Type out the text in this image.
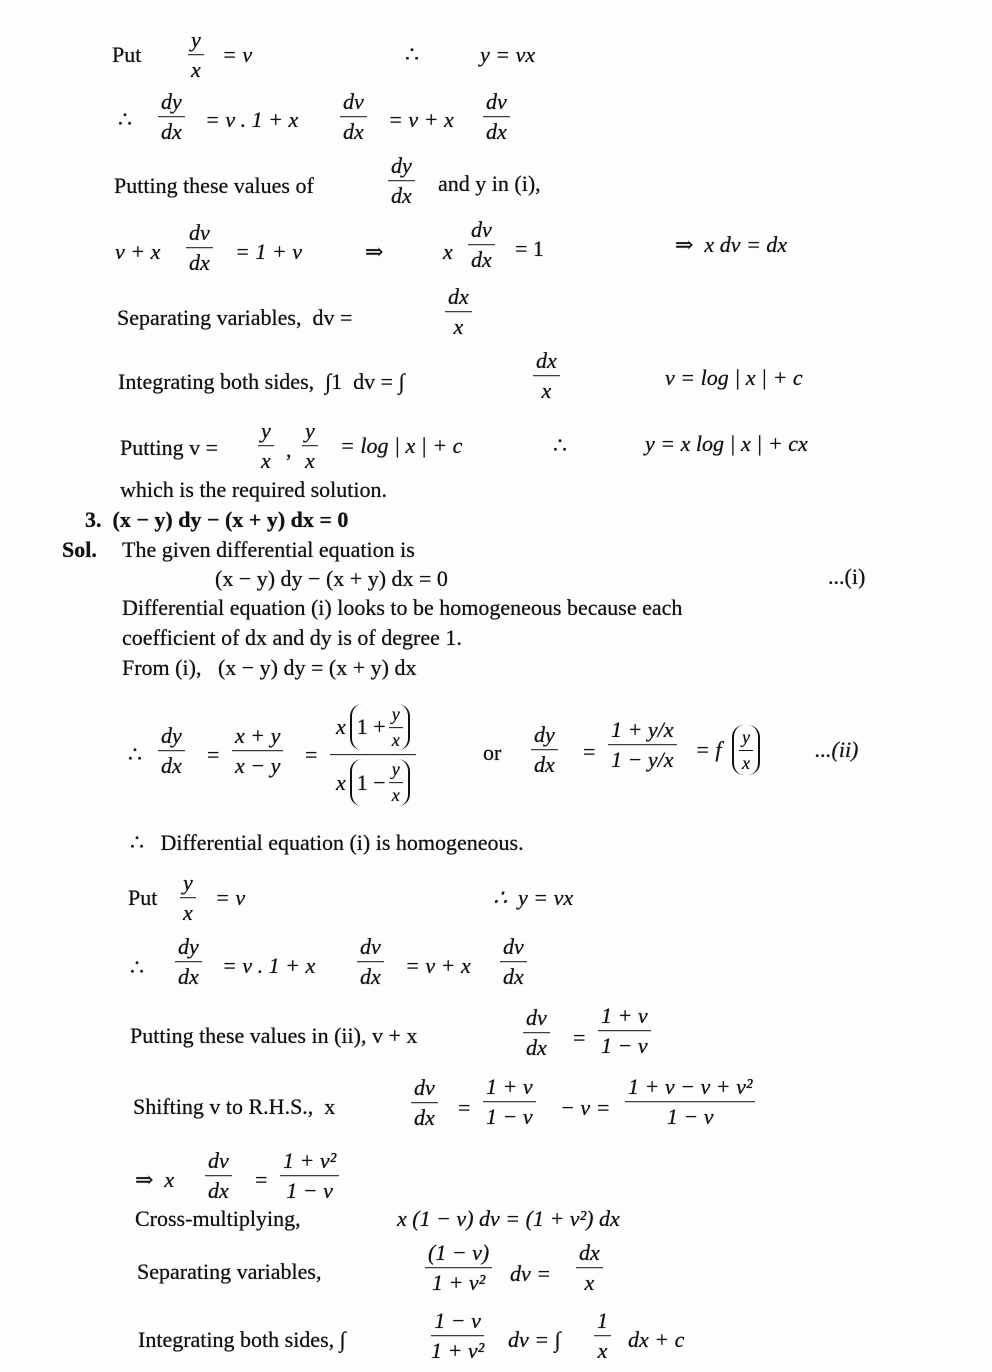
Put
y
x
= v	∴	y = vx
∴
dy
dx = v . 1 + x
dv
dx = v + x
dv
dx
Putting these values of
dy
dx and y in (i),
v + x
dv
dx = 1 + v	⇒	x
dv
dx = 1	⇒  x dv = dx
Separating variables,  dv =
dx
x
Integrating both sides,  ∫1  dv = ∫
dx
x
v = log | x | + c
Putting v =
y
x ,
y
x
= log | x | + c	∴	y = x log | x | + cx
which is the required solution.
3.  (x − y) dy − (x + y) dx = 0
Sol. The given differential equation is
(x − y) dy − (x + y) dx = 0	...(i)
Differential equation (i) looks to be homogeneous because each
coefficient of dx and dy is of degree 1.
From (i),   (x − y) dy = (x + y) dx
∴
dy
dx =
x + y
x − y =
x $1 + \frac{y}{x}$
x $1 - \frac{y}{x}$
or
dy
dx
=
1 + y/x
1 − y/x = f
y
x
...(ii)
∴   Differential equation (i) is homogeneous.
Put
y
x
= v	∴  y = vx
∴
dy
dx = v . 1 + x
dv
dx = v + x
dv
dx
Putting these values in (ii), v + x
dv
dx =
1 + v
1 − v
Shifting v to R.H.S.,  x
dv
dx =
1 + v
1 − v − v =
1 + v − v + v²
1 − v
⇒  x
dv
dx =
1 + v²
1 − v
Cross-multiplying,	x (1 − v) dv = (1 + v²) dx
Separating variables,
(1 − v)
1 + v² dv =
dx
x
Integrating both sides, ∫
1 − v
1 + v² dv = ∫
1
x dx + c
